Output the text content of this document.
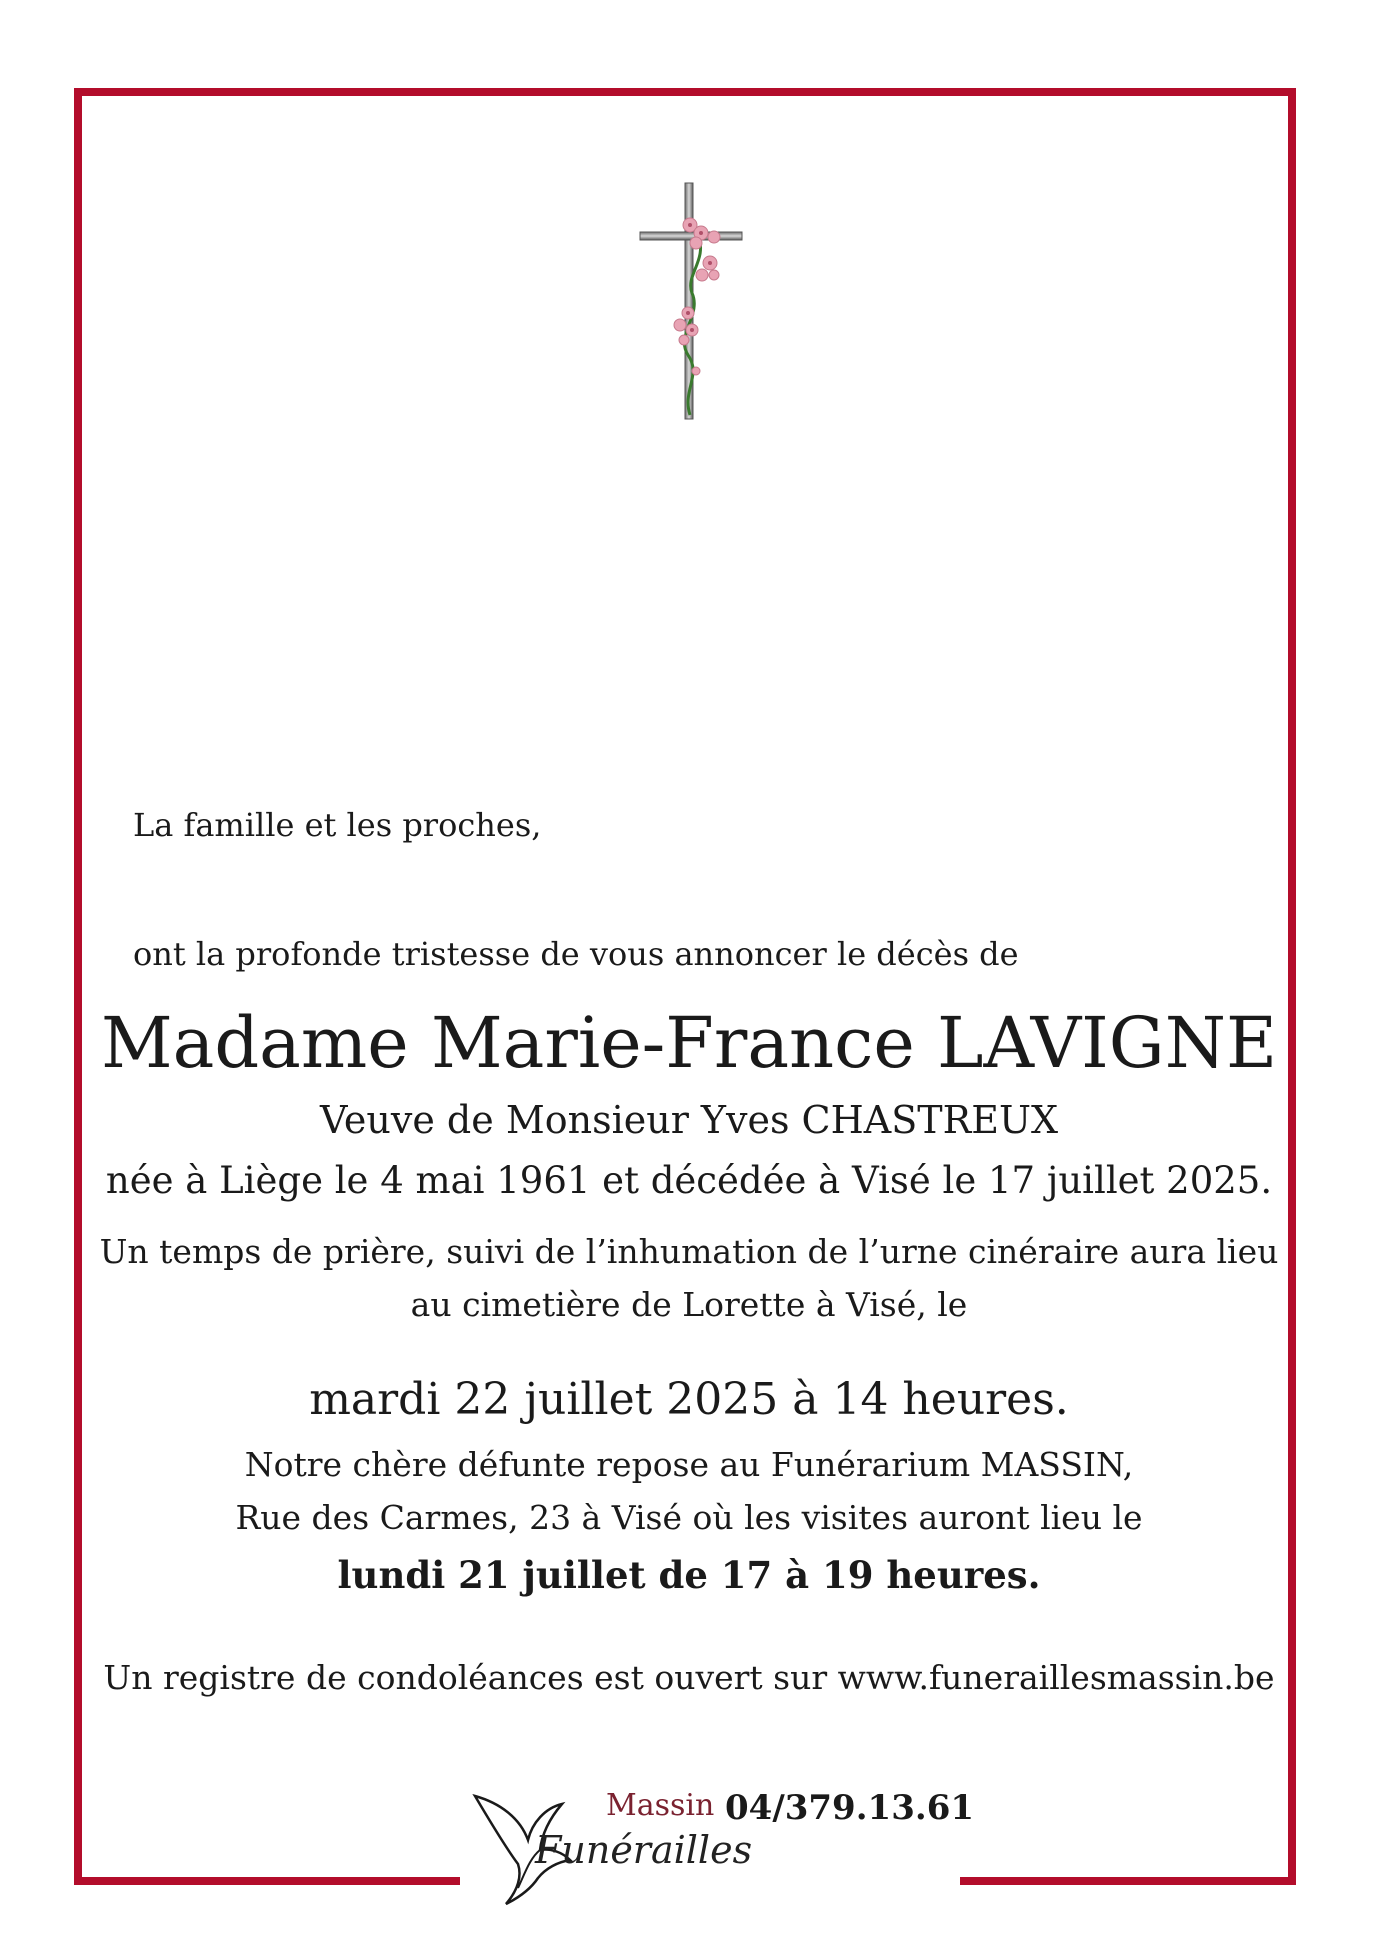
La famille et les proches,
ont la profonde tristesse de vous annoncer le décès de
Madame Marie-France LAVIGNE
Veuve de Monsieur Yves CHASTREUX
née à Liège le 4 mai 1961 et décédée à Visé le 17 juillet 2025.
Un temps de prière, suivi de l’inhumation de l’urne cinéraire aura lieu
au cimetière de Lorette à Visé, le
mardi 22 juillet 2025 à 14 heures.
Notre chère défunte repose au Funérarium MASSIN,
Rue des Carmes, 23 à Visé où les visites auront lieu le
lundi 21 juillet de 17 à 19 heures.
Un registre de condoléances est ouvert sur www.funeraillesmassin.be
Massin
Funérailles
04/379.13.61
